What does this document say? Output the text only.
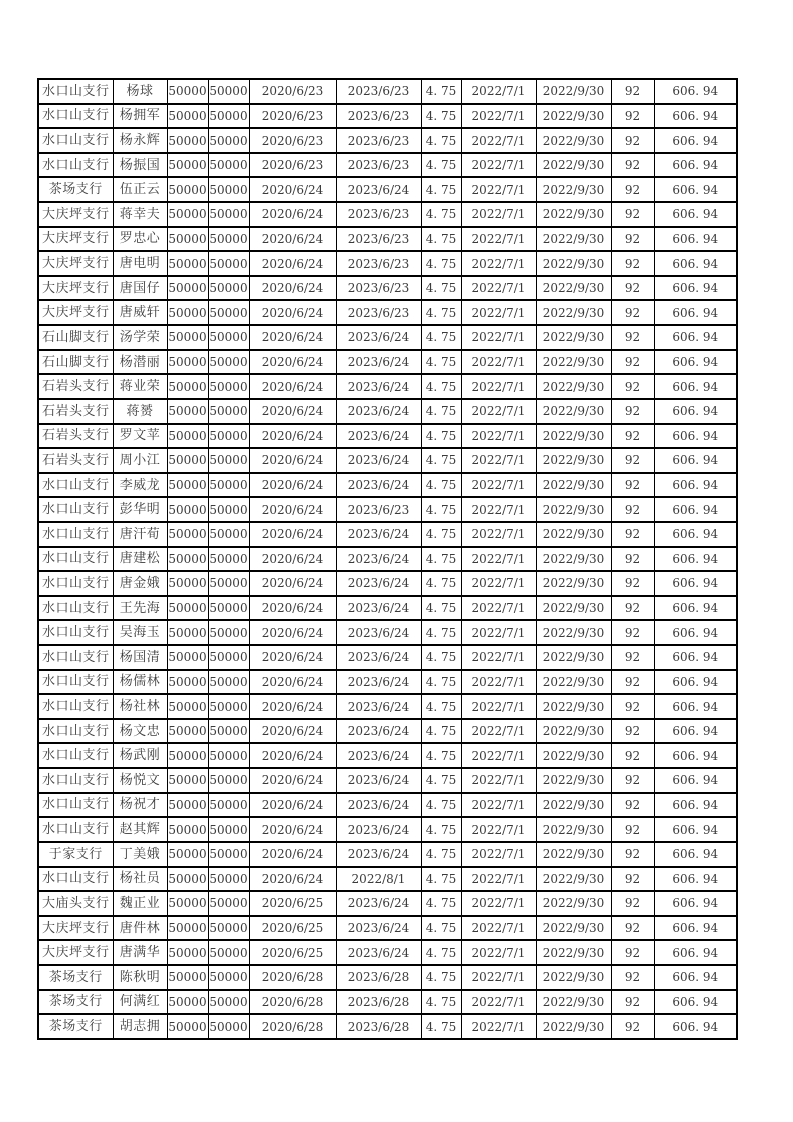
水口山支行	杨球	50000	50000	2020/6/23	2023/6/23	4. 75	2022/7/1	2022/9/30	92	606. 94
水口山支行	杨拥军	50000	50000	2020/6/23	2023/6/23	4. 75	2022/7/1	2022/9/30	92	606. 94
水口山支行	杨永辉	50000	50000	2020/6/23	2023/6/23	4. 75	2022/7/1	2022/9/30	92	606. 94
水口山支行	杨振国	50000	50000	2020/6/23	2023/6/23	4. 75	2022/7/1	2022/9/30	92	606. 94
茶场支行	伍正云	50000	50000	2020/6/24	2023/6/24	4. 75	2022/7/1	2022/9/30	92	606. 94
大庆坪支行	蒋幸夫	50000	50000	2020/6/24	2023/6/23	4. 75	2022/7/1	2022/9/30	92	606. 94
大庆坪支行	罗忠心	50000	50000	2020/6/24	2023/6/23	4. 75	2022/7/1	2022/9/30	92	606. 94
大庆坪支行	唐电明	50000	50000	2020/6/24	2023/6/23	4. 75	2022/7/1	2022/9/30	92	606. 94
大庆坪支行	唐国仔	50000	50000	2020/6/24	2023/6/23	4. 75	2022/7/1	2022/9/30	92	606. 94
大庆坪支行	唐威轩	50000	50000	2020/6/24	2023/6/23	4. 75	2022/7/1	2022/9/30	92	606. 94
石山脚支行	汤学荣	50000	50000	2020/6/24	2023/6/24	4. 75	2022/7/1	2022/9/30	92	606. 94
石山脚支行	杨潜丽	50000	50000	2020/6/24	2023/6/24	4. 75	2022/7/1	2022/9/30	92	606. 94
石岩头支行	蒋业荣	50000	50000	2020/6/24	2023/6/24	4. 75	2022/7/1	2022/9/30	92	606. 94
石岩头支行	蒋赟	50000	50000	2020/6/24	2023/6/24	4. 75	2022/7/1	2022/9/30	92	606. 94
石岩头支行	罗文苹	50000	50000	2020/6/24	2023/6/24	4. 75	2022/7/1	2022/9/30	92	606. 94
石岩头支行	周小江	50000	50000	2020/6/24	2023/6/24	4. 75	2022/7/1	2022/9/30	92	606. 94
水口山支行	李威龙	50000	50000	2020/6/24	2023/6/24	4. 75	2022/7/1	2022/9/30	92	606. 94
水口山支行	彭华明	50000	50000	2020/6/24	2023/6/23	4. 75	2022/7/1	2022/9/30	92	606. 94
水口山支行	唐汗荀	50000	50000	2020/6/24	2023/6/24	4. 75	2022/7/1	2022/9/30	92	606. 94
水口山支行	唐建松	50000	50000	2020/6/24	2023/6/24	4. 75	2022/7/1	2022/9/30	92	606. 94
水口山支行	唐金娥	50000	50000	2020/6/24	2023/6/24	4. 75	2022/7/1	2022/9/30	92	606. 94
水口山支行	王先海	50000	50000	2020/6/24	2023/6/24	4. 75	2022/7/1	2022/9/30	92	606. 94
水口山支行	吴海玉	50000	50000	2020/6/24	2023/6/24	4. 75	2022/7/1	2022/9/30	92	606. 94
水口山支行	杨国清	50000	50000	2020/6/24	2023/6/24	4. 75	2022/7/1	2022/9/30	92	606. 94
水口山支行	杨儒林	50000	50000	2020/6/24	2023/6/24	4. 75	2022/7/1	2022/9/30	92	606. 94
水口山支行	杨社林	50000	50000	2020/6/24	2023/6/24	4. 75	2022/7/1	2022/9/30	92	606. 94
水口山支行	杨文忠	50000	50000	2020/6/24	2023/6/24	4. 75	2022/7/1	2022/9/30	92	606. 94
水口山支行	杨武刚	50000	50000	2020/6/24	2023/6/24	4. 75	2022/7/1	2022/9/30	92	606. 94
水口山支行	杨悦文	50000	50000	2020/6/24	2023/6/24	4. 75	2022/7/1	2022/9/30	92	606. 94
水口山支行	杨祝才	50000	50000	2020/6/24	2023/6/24	4. 75	2022/7/1	2022/9/30	92	606. 94
水口山支行	赵其辉	50000	50000	2020/6/24	2023/6/24	4. 75	2022/7/1	2022/9/30	92	606. 94
于家支行	丁美娥	50000	50000	2020/6/24	2023/6/24	4. 75	2022/7/1	2022/9/30	92	606. 94
水口山支行	杨社员	50000	50000	2020/6/24	2022/8/1	4. 75	2022/7/1	2022/9/30	92	606. 94
大庙头支行	魏正业	50000	50000	2020/6/25	2023/6/24	4. 75	2022/7/1	2022/9/30	92	606. 94
大庆坪支行	唐件林	50000	50000	2020/6/25	2023/6/24	4. 75	2022/7/1	2022/9/30	92	606. 94
大庆坪支行	唐满华	50000	50000	2020/6/25	2023/6/24	4. 75	2022/7/1	2022/9/30	92	606. 94
茶场支行	陈秋明	50000	50000	2020/6/28	2023/6/28	4. 75	2022/7/1	2022/9/30	92	606. 94
茶场支行	何满红	50000	50000	2020/6/28	2023/6/28	4. 75	2022/7/1	2022/9/30	92	606. 94
茶场支行	胡志拥	50000	50000	2020/6/28	2023/6/28	4. 75	2022/7/1	2022/9/30	92	606. 94
